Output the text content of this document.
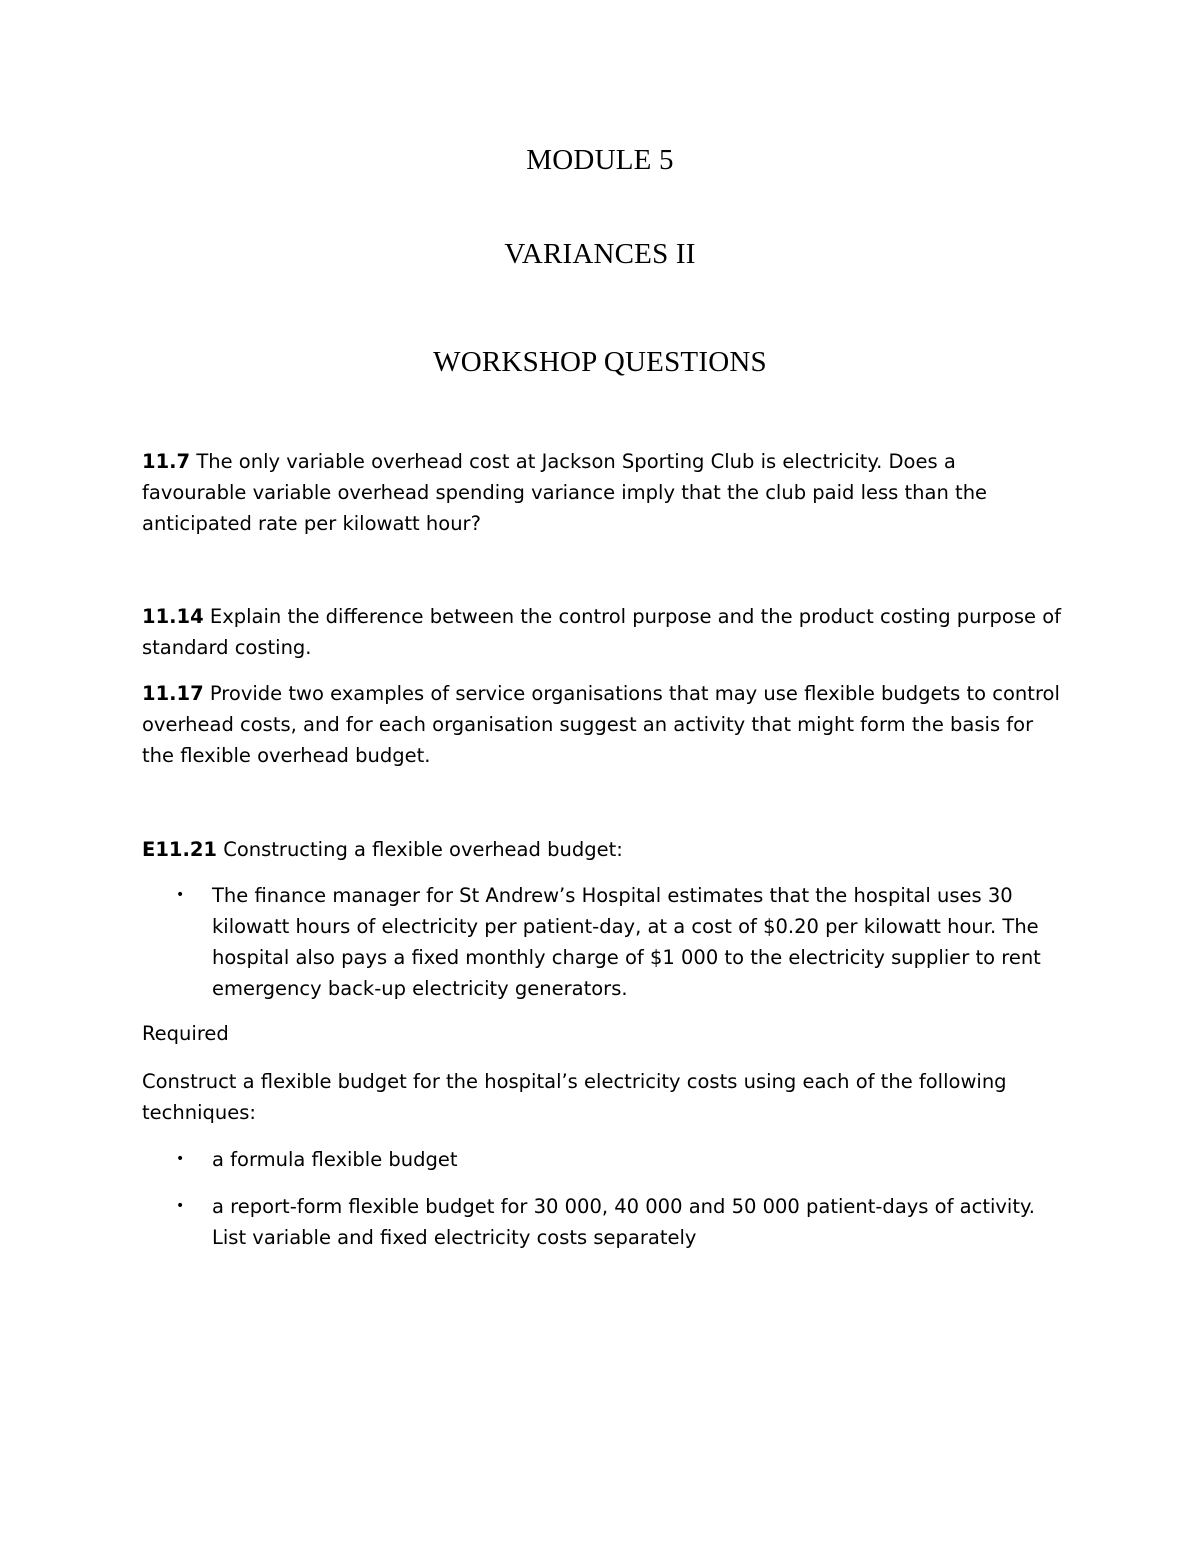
MODULE 5
VARIANCES II
WORKSHOP QUESTIONS

11.7 The only variable overhead cost at Jackson Sporting Club is electricity. Does a favourable variable overhead spending variance imply that the club paid less than the anticipated rate per kilowatt hour?

11.14 Explain the difference between the control purpose and the product costing purpose of standard costing.

11.17 Provide two examples of service organisations that may use flexible budgets to control overhead costs, and for each organisation suggest an activity that might form the basis for the flexible overhead budget.

E11.21 Constructing a flexible overhead budget:

• The finance manager for St Andrew’s Hospital estimates that the hospital uses 30 kilowatt hours of electricity per patient-day, at a cost of $0.20 per kilowatt hour. The hospital also pays a fixed monthly charge of $1 000 to the electricity supplier to rent emergency back-up electricity generators.

Required

Construct a flexible budget for the hospital’s electricity costs using each of the following techniques:

• a formula flexible budget

• a report-form flexible budget for 30 000, 40 000 and 50 000 patient-days of activity. List variable and fixed electricity costs separately
